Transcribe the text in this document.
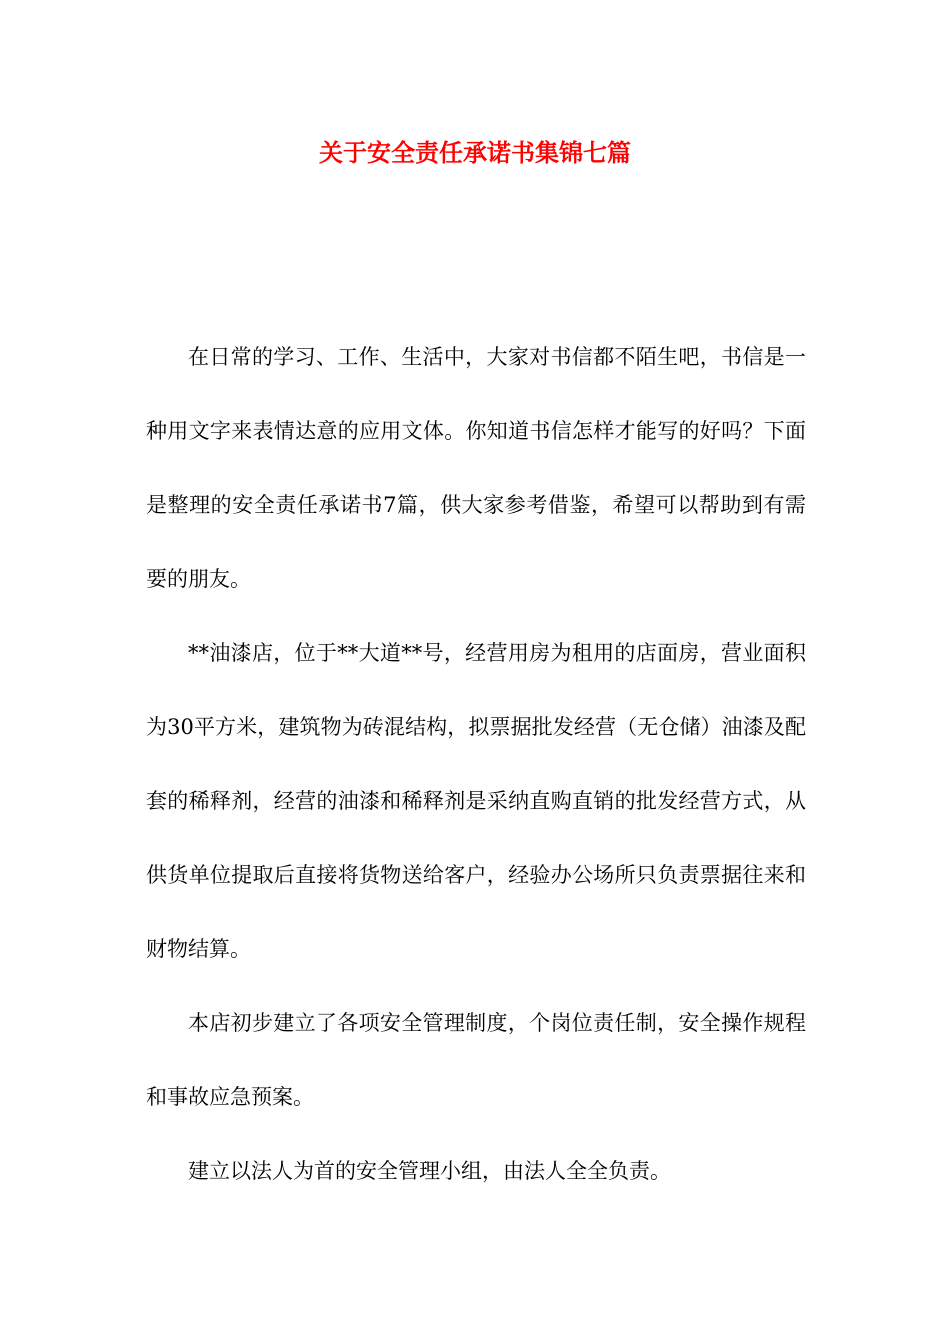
关于安全责任承诺书集锦七篇

在日常的学习、工作、生活中，大家对书信都不陌生吧，书信是一种用文字来表情达意的应用文体。你知道书信怎样才能写的好吗？下面是整理的安全责任承诺书7篇，供大家参考借鉴，希望可以帮助到有需要的朋友。

**油漆店，位于**大道**号，经营用房为租用的店面房，营业面积为30平方米，建筑物为砖混结构，拟票据批发经营（无仓储）油漆及配套的稀释剂，经营的油漆和稀释剂是采纳直购直销的批发经营方式，从供货单位提取后直接将货物送给客户，经验办公场所只负责票据往来和财物结算。

本店初步建立了各项安全管理制度，个岗位责任制，安全操作规程和事故应急预案。

建立以法人为首的安全管理小组，由法人全全负责。
